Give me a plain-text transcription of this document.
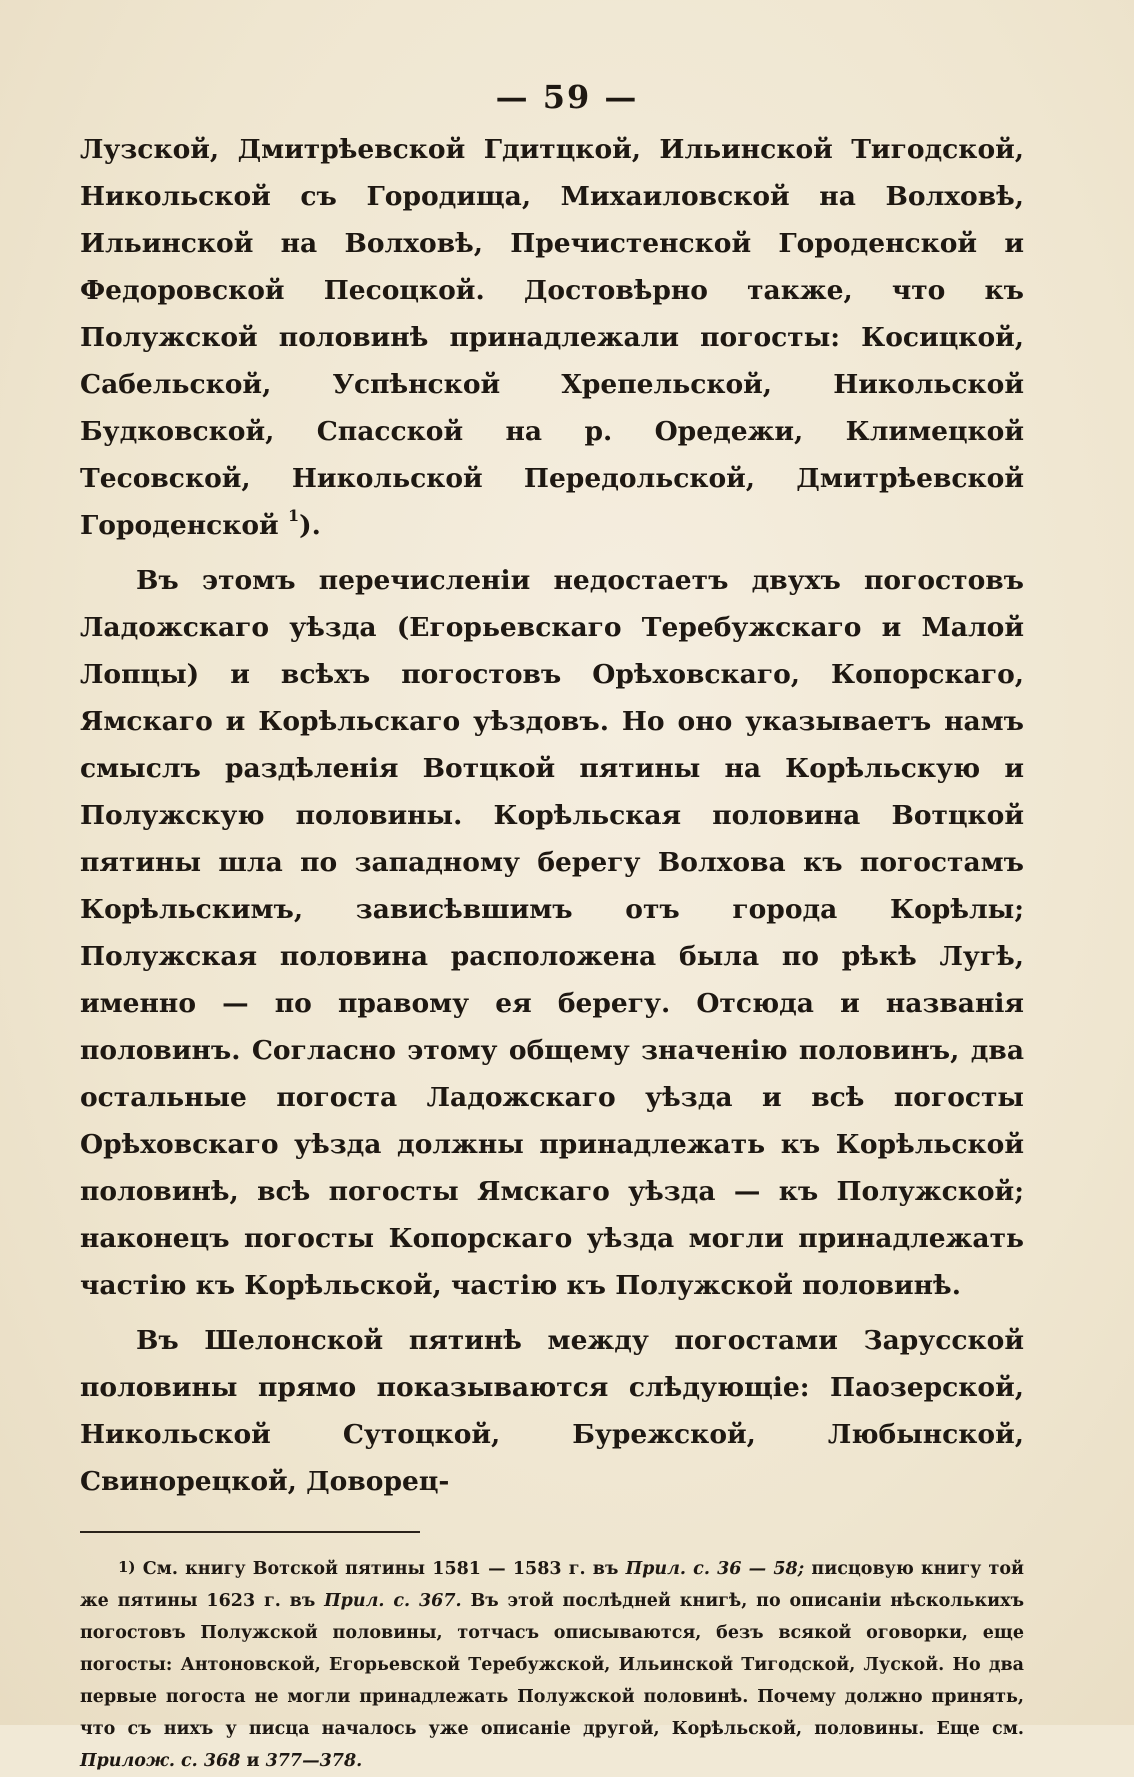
— 59 —

Лузской, Дмитрѣевской Гдитцкой, Ильинской Тигодской, Никольской съ Городища, Михаиловской на Волховѣ, Ильинской на Волховѣ, Пречистенской Городенской и Федоровской Песоцкой. Достовѣрно также, что къ Полужской половинѣ принадлежали погосты: Косицкой, Сабельской, Успѣнской Хрепельской, Никольской Будковской, Спасской на р. Оредежи, Климецкой Тесовской, Никольской Передольской, Дмитрѣевской Городенской $^1$).

Въ этомъ перечисленіи недостаетъ двухъ погостовъ Ладожскаго уѣзда (Егорьевскаго Теребужскаго и Малой Лопцы) и всѣхъ погостовъ Орѣховскаго, Копорскаго, Ямскаго и Корѣльскаго уѣздовъ. Но оно указываетъ намъ смыслъ раздѣленія Вотцкой пятины на Корѣльскую и Полужскую половины. Корѣльская половина Вотцкой пятины шла по западному берегу Волхова къ погостамъ Корѣльскимъ, зависѣвшимъ отъ города Корѣлы; Полужская половина расположена была по рѣкѣ Лугѣ, именно — по правому ея берегу. Отсюда и названія половинъ. Согласно этому общему значенію половинъ, два остальные погоста Ладожскаго уѣзда и всѣ погосты Орѣховскаго уѣзда должны принадлежать къ Корѣльской половинѣ, всѣ погосты Ямскаго уѣзда — къ Полужской; наконецъ погосты Копорскаго уѣзда могли принадлежать частію къ Корѣльской, частію къ Полужской половинѣ.

Въ Шелонской пятинѣ между погостами Зарусской половины прямо показываются слѣдующіе: Паозерской, Никольской Сутоцкой, Бурежской, Любынской, Свинорецкой, Доворец-

1) См. книгу Вотской пятины 1581 — 1583 г. въ Прил. с. 36 — 58; писцовую книгу той же пятины 1623 г. въ Прил. с. 367. Въ этой послѣдней книгѣ, по описаніи нѣсколькихъ погостовъ Полужской половины, тотчасъ описываются, безъ всякой оговорки, еще погосты: Антоновской, Егорьевской Теребужской, Ильинской Тигодской, Луской. Но два первые погоста не могли принадлежать Полужской половинѣ. Почему должно принять, что съ нихъ у писца началось уже описаніе другой, Корѣльской, половины. Еще см. Прилож. с. 368 и 377—378.
